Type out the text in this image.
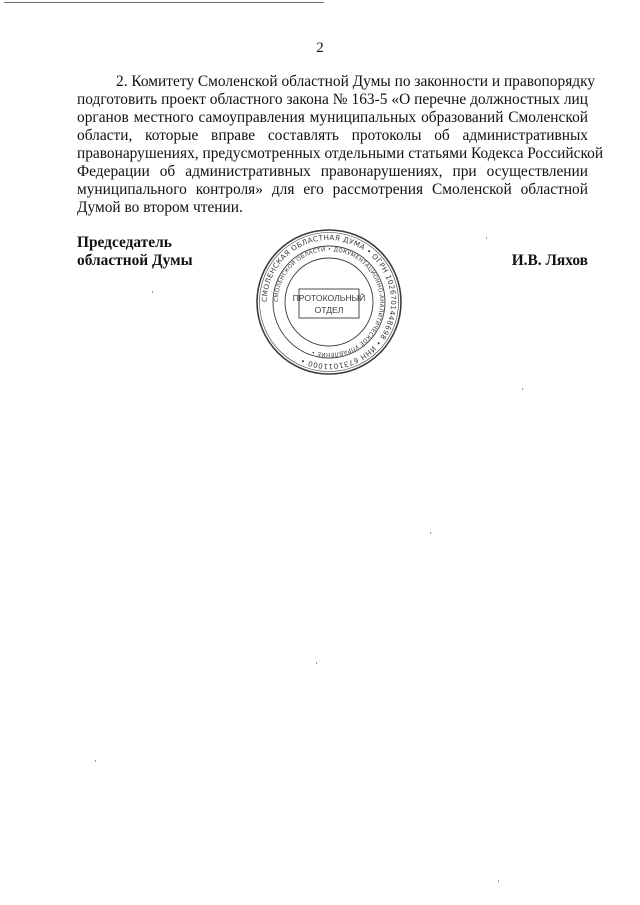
2
2. Комитету Смоленской областной Думы по законности и правопорядку
подготовить проект областного закона № 163-5 «О перечне должностных лиц
органов местного самоуправления муниципальных образований Смоленской
области, которые вправе составлять протоколы об административных
правонарушениях, предусмотренных отдельными статьями Кодекса Российской
Федерации об административных правонарушениях, при осуществлении
муниципального контроля» для его рассмотрения Смоленской областной
Думой во втором чтении.
Председатель
областной Думы	И.В. Ляхов
СМОЛЕНСКАЯ ОБЛАСТНАЯ ДУМА • ОГРН 1026701448698 • ИНН 6731011000 •
СМОЛЕНСКОЙ ОБЛАСТИ • ДОКУМЕНТАЦИОННО-АНАЛИТИЧЕСКОЕ УПРАВЛЕНИЕ •
ПРОТОКОЛЬНЫЙ
ОТДЕЛ
